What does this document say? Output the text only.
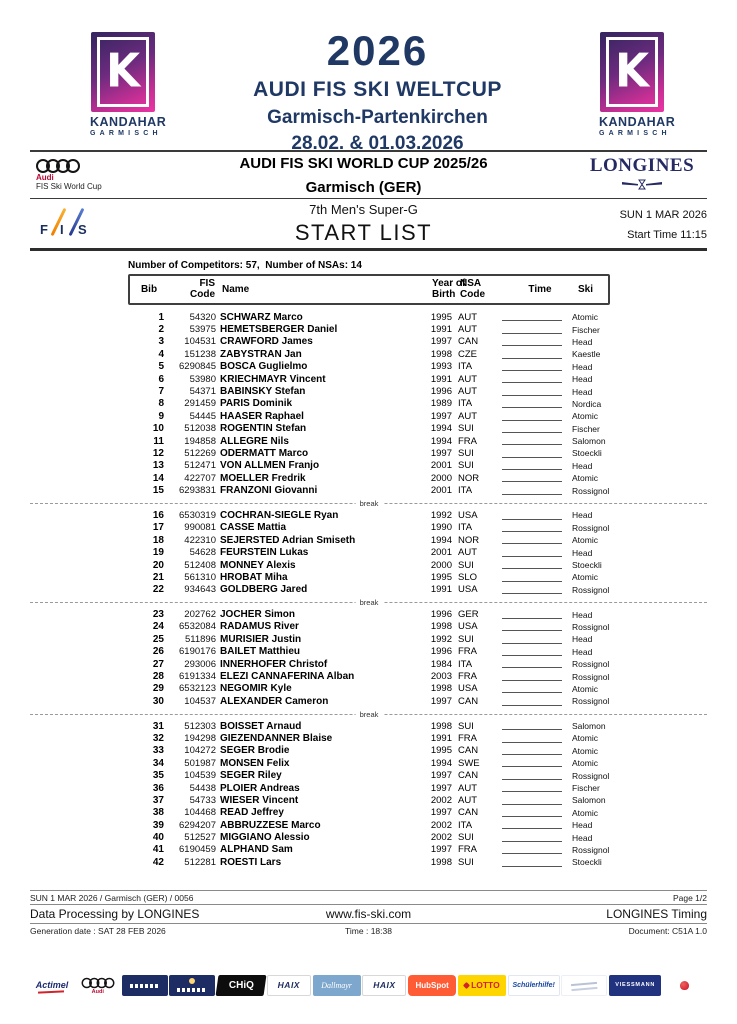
K
KANDAHAR
GARMISCH
2026
AUDI FIS SKI WELTCUP
Garmisch-Partenkirchen
28.02. & 01.03.2026
K
KANDAHAR
GARMISCH
Audi
FIS Ski World Cup
AUDI FIS SKI WORLD CUP 2025/26
Garmisch (GER)
LONGINES
F I S
7th Men's Super-G
START LIST
SUN 1 MAR 2026
Start Time 11:15
Number of Competitors: 57,  Number of NSAs: 14
Bib
FIS
Code Name
Year of
Birth
NSA
Code	Time	Ski
1	54320 SCHWARZ Marco	1995 AUT	Atomic
2	53975 HEMETSBERGER Daniel	1991 AUT	Fischer
3	104531 CRAWFORD James	1997 CAN	Head
4	151238 ZABYSTRAN Jan	1998 CZE	Kaestle
5	6290845 BOSCA Guglielmo	1993 ITA	Head
6	53980 KRIECHMAYR Vincent	1991 AUT	Head
7	54371 BABINSKY Stefan	1996 AUT	Head
8	291459 PARIS Dominik	1989 ITA	Nordica
9	54445 HAASER Raphael	1997 AUT	Atomic
10	512038 ROGENTIN Stefan	1994 SUI	Fischer
11	194858 ALLEGRE Nils	1994 FRA	Salomon
12	512269 ODERMATT Marco	1997 SUI	Stoeckli
13	512471 VON ALLMEN Franjo	2001 SUI	Head
14	422707 MOELLER Fredrik	2000 NOR	Atomic
15	6293831 FRANZONI Giovanni	2001 ITA	Rossignol
break
16	6530319 COCHRAN-SIEGLE Ryan	1992 USA	Head
17	990081 CASSE Mattia	1990 ITA	Rossignol
18	422310 SEJERSTED Adrian Smiseth	1994 NOR	Atomic
19	54628 FEURSTEIN Lukas	2001 AUT	Head
20	512408 MONNEY Alexis	2000 SUI	Stoeckli
21	561310 HROBAT Miha	1995 SLO	Atomic
22	934643 GOLDBERG Jared	1991 USA	Rossignol
break
23	202762 JOCHER Simon	1996 GER	Head
24	6532084 RADAMUS River	1998 USA	Rossignol
25	511896 MURISIER Justin	1992 SUI	Head
26	6190176 BAILET Matthieu	1996 FRA	Head
27	293006 INNERHOFER Christof	1984 ITA	Rossignol
28	6191334 ELEZI CANNAFERINA Alban	2003 FRA	Rossignol
29	6532123 NEGOMIR Kyle	1998 USA	Atomic
30	104537 ALEXANDER Cameron	1997 CAN	Rossignol
break
31	512303 BOISSET Arnaud	1998 SUI	Salomon
32	194298 GIEZENDANNER Blaise	1991 FRA	Atomic
33	104272 SEGER Brodie	1995 CAN	Atomic
34	501987 MONSEN Felix	1994 SWE	Atomic
35	104539 SEGER Riley	1997 CAN	Rossignol
36	54438 PLOIER Andreas	1997 AUT	Fischer
37	54733 WIESER Vincent	2002 AUT	Salomon
38	104468 READ Jeffrey	1997 CAN	Atomic
39	6294207 ABBRUZZESE Marco	2002 ITA	Head
40	512527 MIGGIANO Alessio	2002 SUI	Head
41	6190459 ALPHAND Sam	1997 FRA	Rossignol
42	512281 ROESTI Lars	1998 SUI	Stoeckli
SUN 1 MAR 2026 / Garmisch (GER) / 0056	Page 1/2
Data Processing by LONGINES	www.fis-ski.com	LONGINES Timing
Generation date : SAT 28 FEB 2026	Time : 18:38	Document: C51A 1.0
Actimel
Audi
CHiQ	HAIX	Dallmayr	HAIX HubSpot	LOTTO Schülerhilfe!	VIESSMANN
